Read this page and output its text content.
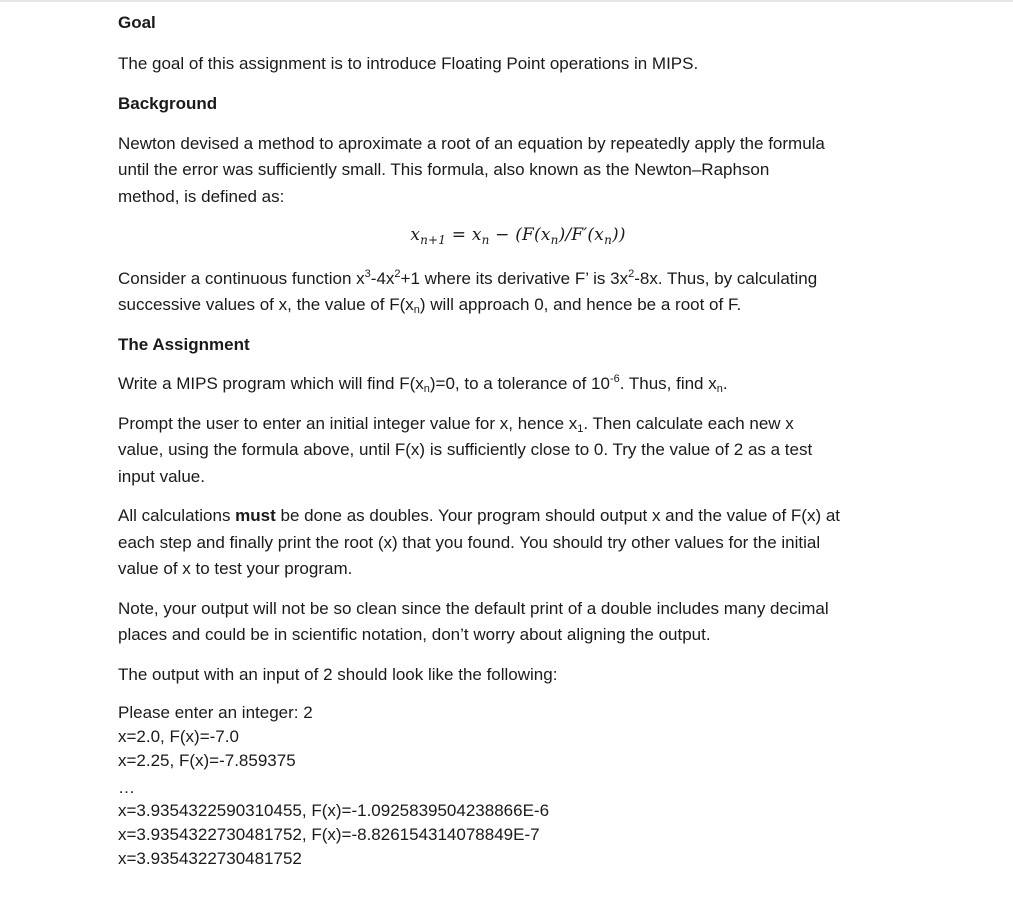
Goal

The goal of this assignment is to introduce Floating Point operations in MIPS.

Background

Newton devised a method to aproximate a root of an equation by repeatedly apply the formula

until the error was sufficiently small. This formula, also known as the Newton–Raphson

method, is defined as:

$x_{n+1} = x_n - (F(x_n)/F'(x_n))$

Consider a continuous function $x^3-4x^2+1$ where its derivative F’ is $3x^2-8x$. Thus, by calculating

successive values of x, the value of $F(x_n)$ will approach 0, and hence be a root of F.

The Assignment

Write a MIPS program which will find $F(x_n)=0$, to a tolerance of $10^{-6}$. Thus, find $x_n$.

Prompt the user to enter an initial integer value for x, hence $x_1$. Then calculate each new x

value, using the formula above, until F(x) is sufficiently close to 0. Try the value of 2 as a test

input value.

All calculations must be done as doubles. Your program should output x and the value of F(x) at

each step and finally print the root (x) that you found. You should try other values for the initial

value of x to test your program.

Note, your output will not be so clean since the default print of a double includes many decimal

places and could be in scientific notation, don’t worry about aligning the output.

The output with an input of 2 should look like the following:

Please enter an integer: 2

x=2.0, F(x)=-7.0

x=2.25, F(x)=-7.859375

…

x=3.9354322590310455, F(x)=-1.0925839504238866E-6

x=3.9354322730481752, F(x)=-8.826154314078849E-7

x=3.9354322730481752
